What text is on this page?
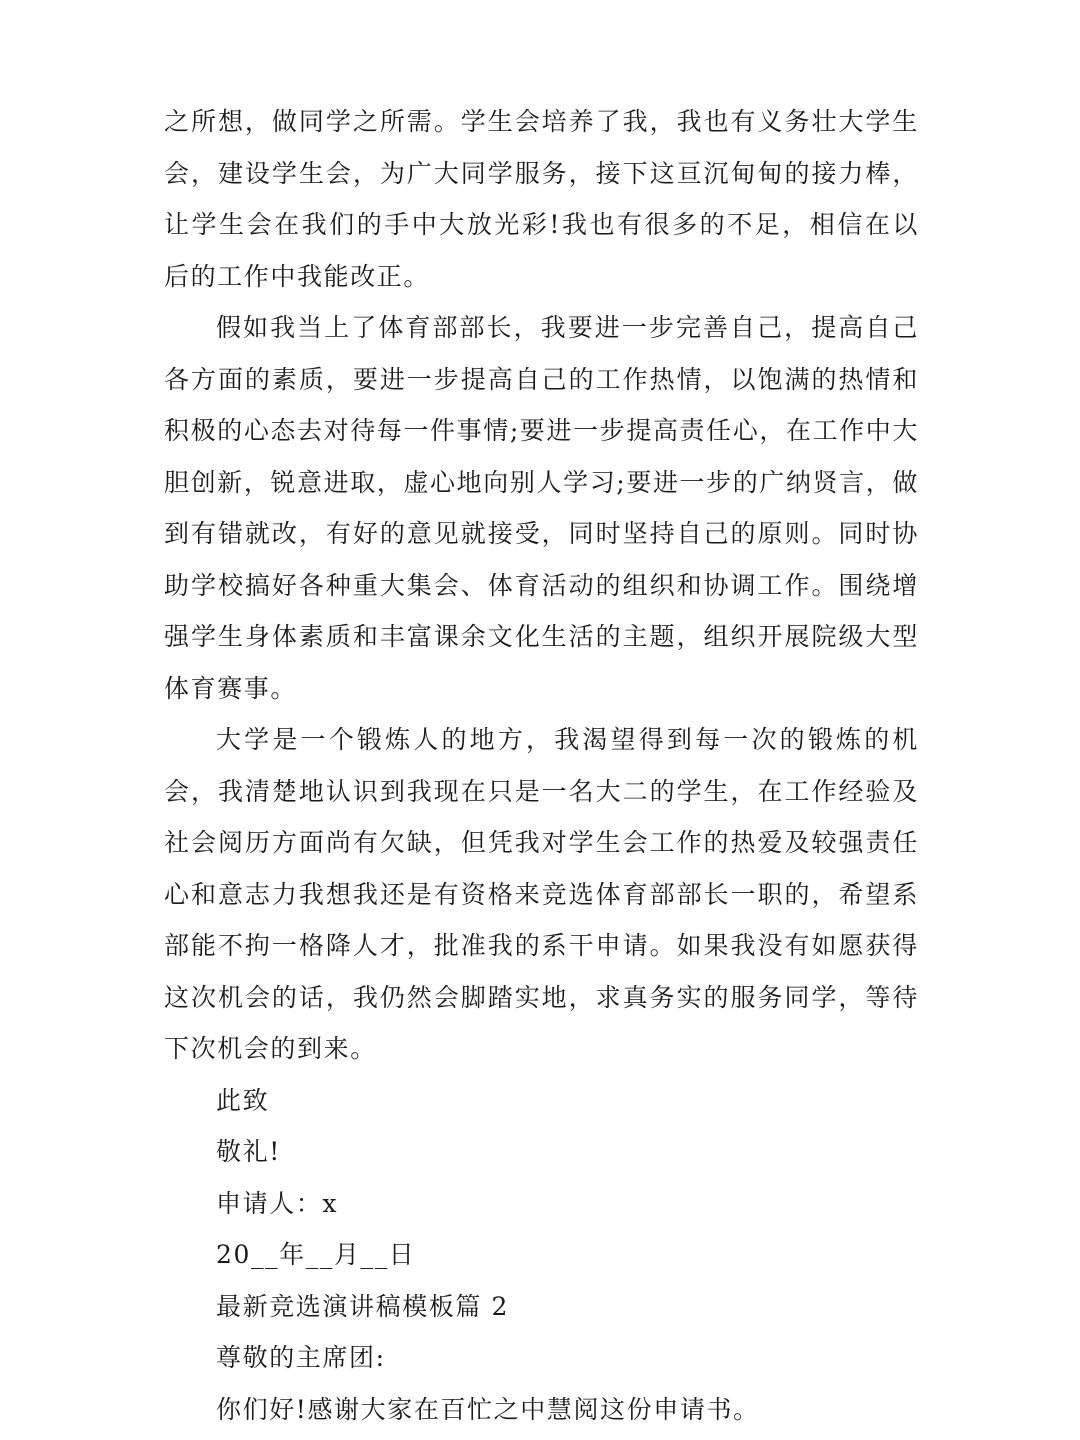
之所想，做同学之所需。学生会培养了我，我也有义务壮大学生会，建设学生会，为广大同学服务，接下这亘沉甸甸的接力棒，让学生会在我们的手中大放光彩!我也有很多的不足，相信在以后的工作中我能改正。

假如我当上了体育部部长，我要进一步完善自己，提高自己各方面的素质，要进一步提高自己的工作热情，以饱满的热情和积极的心态去对待每一件事情;要进一步提高责任心，在工作中大胆创新，锐意进取，虚心地向别人学习;要进一步的广纳贤言，做到有错就改，有好的意见就接受，同时坚持自己的原则。同时协助学校搞好各种重大集会、体育活动的组织和协调工作。围绕增强学生身体素质和丰富课余文化生活的主题，组织开展院级大型体育赛事。

大学是一个锻炼人的地方，我渴望得到每一次的锻炼的机会，我清楚地认识到我现在只是一名大二的学生，在工作经验及社会阅历方面尚有欠缺，但凭我对学生会工作的热爱及较强责任心和意志力我想我还是有资格来竞选体育部部长一职的，希望系部能不拘一格降人才，批准我的系干申请。如果我没有如愿获得这次机会的话，我仍然会脚踏实地，求真务实的服务同学，等待下次机会的到来。

此致

敬礼!

申请人：x

20__年__月__日

最新竞选演讲稿模板篇 2

尊敬的主席团:

你们好!感谢大家在百忙之中慧阅这份申请书。
